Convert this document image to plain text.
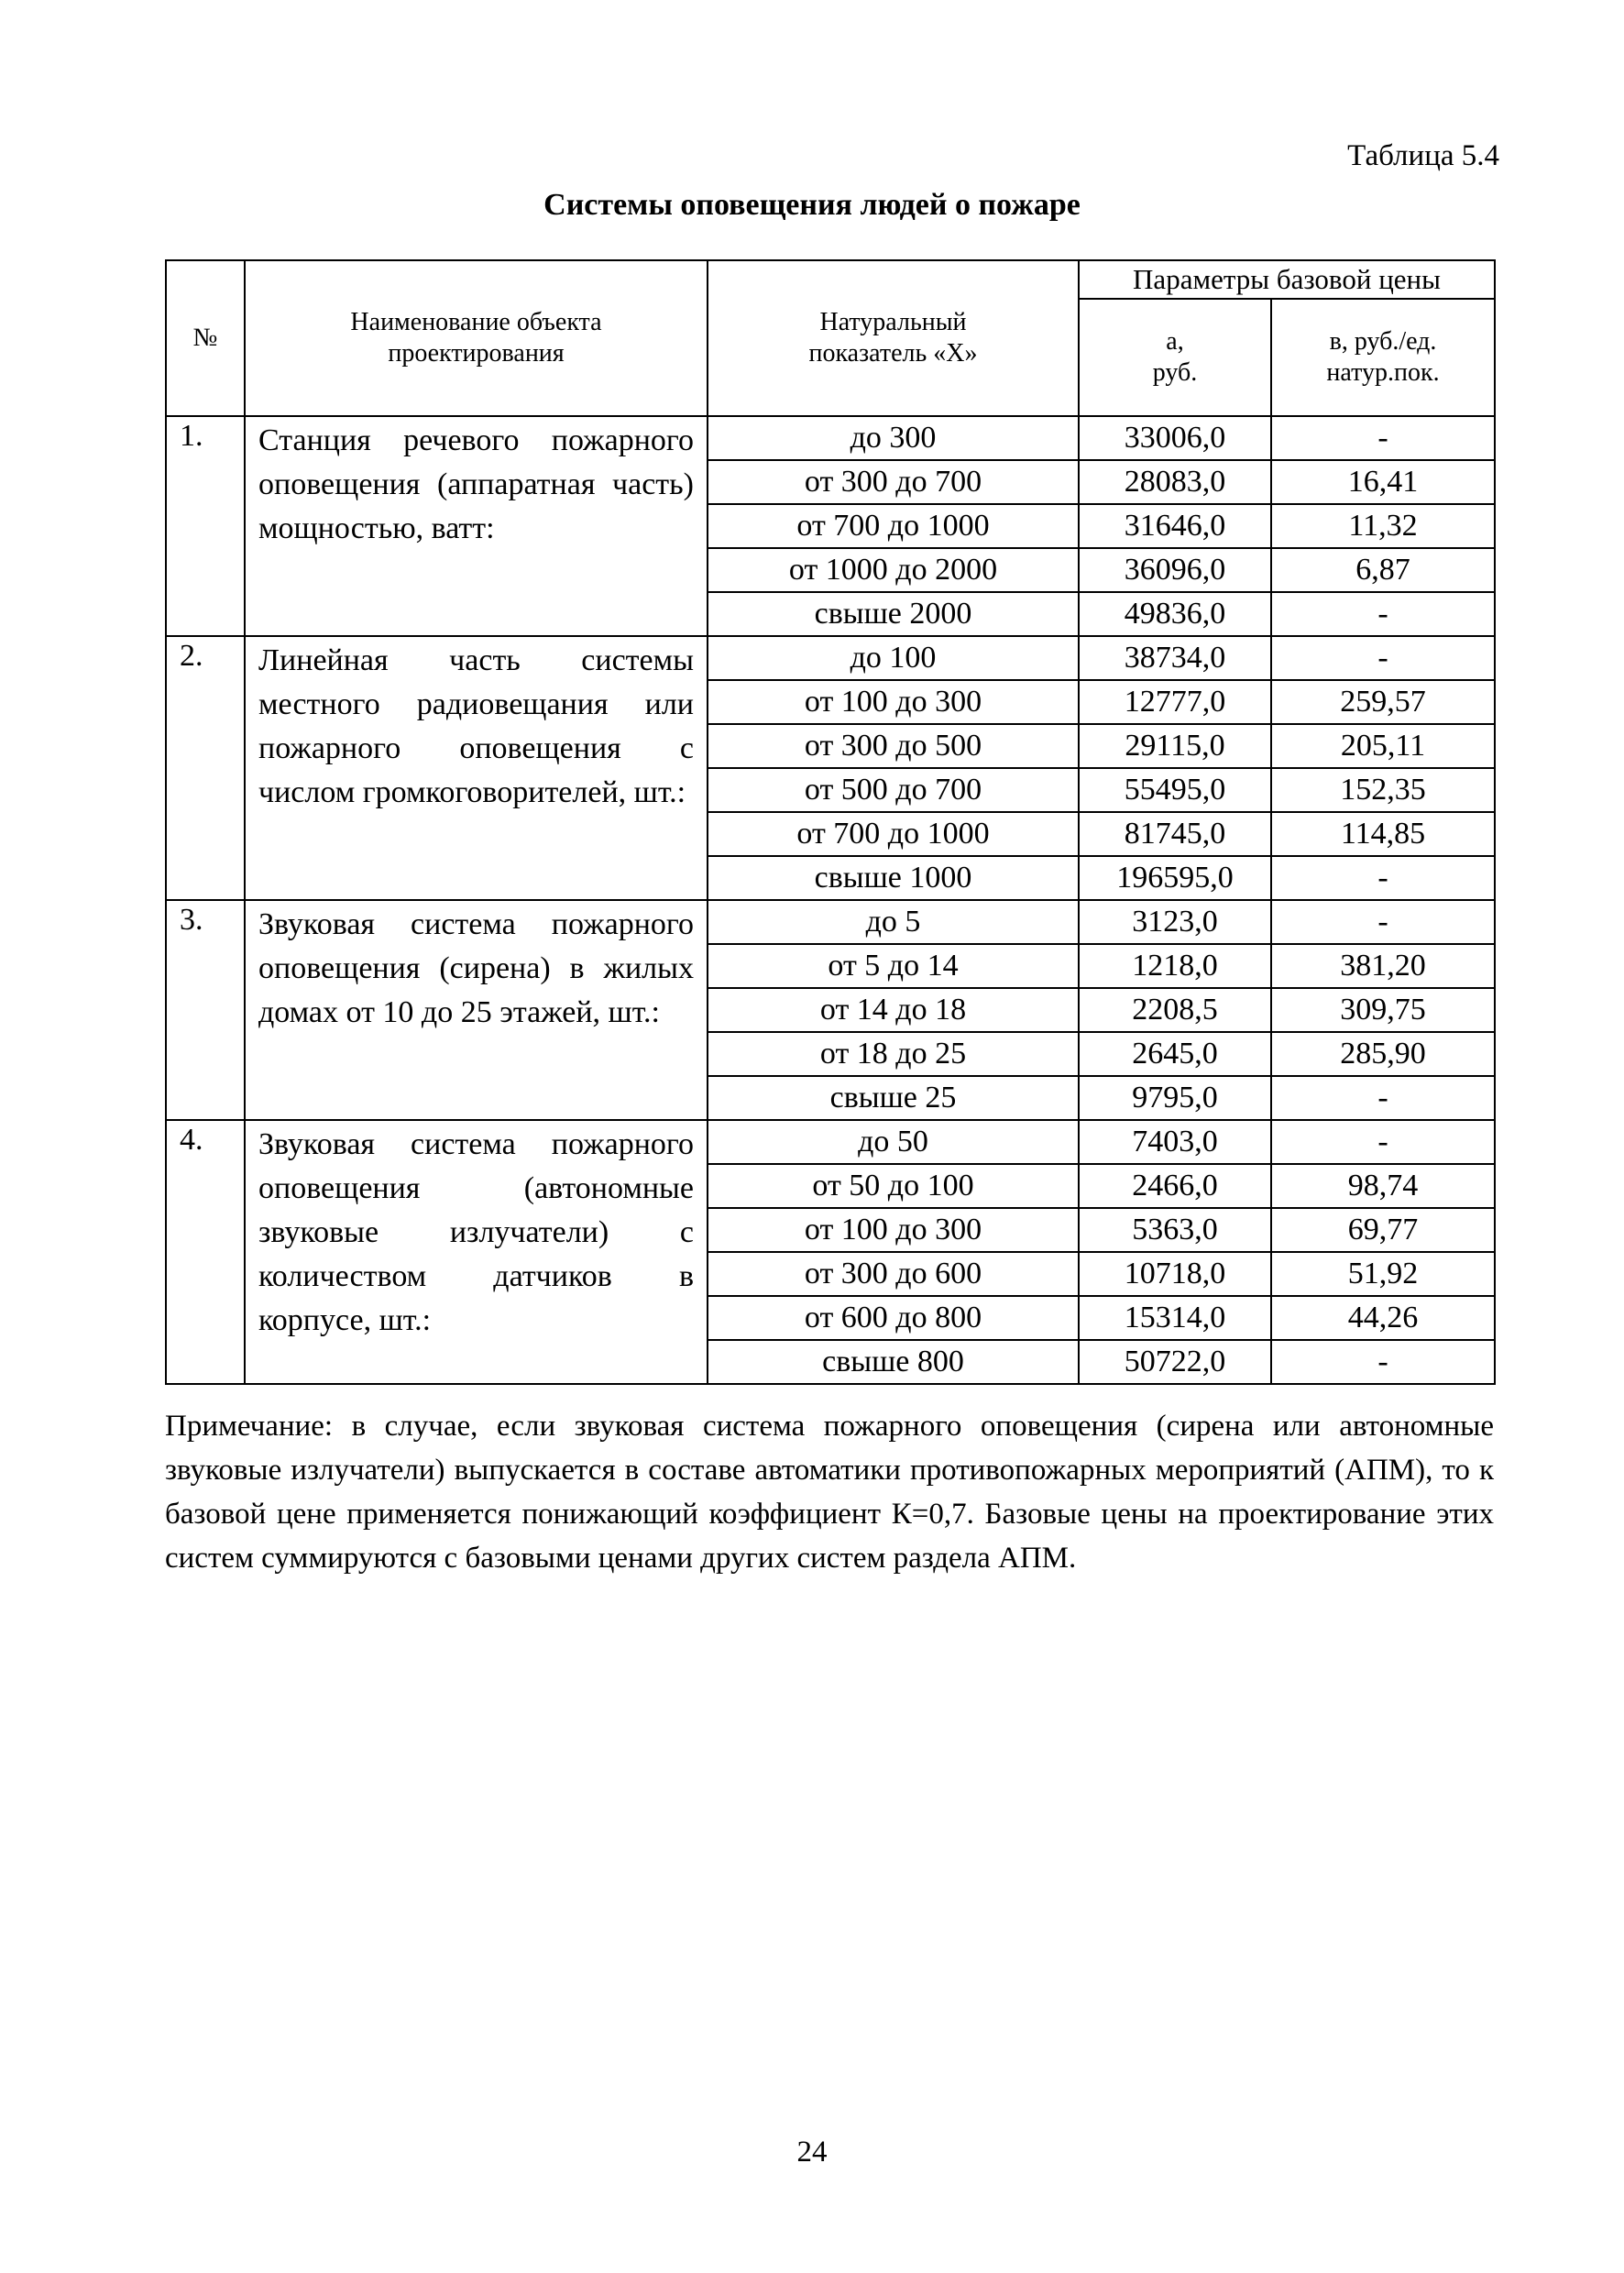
Таблица 5.4
Системы оповещения людей о пожаре
№	Наименование объекта проектирования	Натуральный показатель «Х»	Параметры базовой цены	
			а, руб.	в, руб./ед. натур.пок.
1.	Станция речевого пожарного оповещения (аппаратная часть) мощностью, ватт:	до 300	33006,0	-
		от 300 до 700	28083,0	16,41
		от 700 до 1000	31646,0	11,32
		от 1000 до 2000	36096,0	6,87
		свыше 2000	49836,0	-
2.	Линейная часть системы местного радиовещания или пожарного оповещения с числом громкоговорителей, шт.:	до 100	38734,0	-
		от 100 до 300	12777,0	259,57
		от 300 до 500	29115,0	205,11
		от 500 до 700	55495,0	152,35
		от 700 до 1000	81745,0	114,85
		свыше 1000	196595,0	-
3.	Звуковая система пожарного оповещения (сирена) в жилых домах от 10 до 25 этажей, шт.:	до 5	3123,0	-
		от 5 до 14	1218,0	381,20
		от 14 до 18	2208,5	309,75
		от 18 до 25	2645,0	285,90
		свыше 25	9795,0	-
4.	Звуковая система пожарного оповещения (автономные звуковые излучатели) с количеством датчиков в корпусе, шт.:	до 50	7403,0	-
		от 50 до 100	2466,0	98,74
		от 100 до 300	5363,0	69,77
		от 300 до 600	10718,0	51,92
		от 600 до 800	15314,0	44,26
		свыше 800	50722,0	-
Примечание: в случае, если звуковая система пожарного оповещения (сирена или автономные звуковые излучатели) выпускается в составе автоматики противопожарных мероприятий (АПМ), то к базовой цене применяется понижающий коэффициент К=0,7. Базовые цены на проектирование этих систем суммируются с базовыми ценами других систем раздела АПМ.
24
